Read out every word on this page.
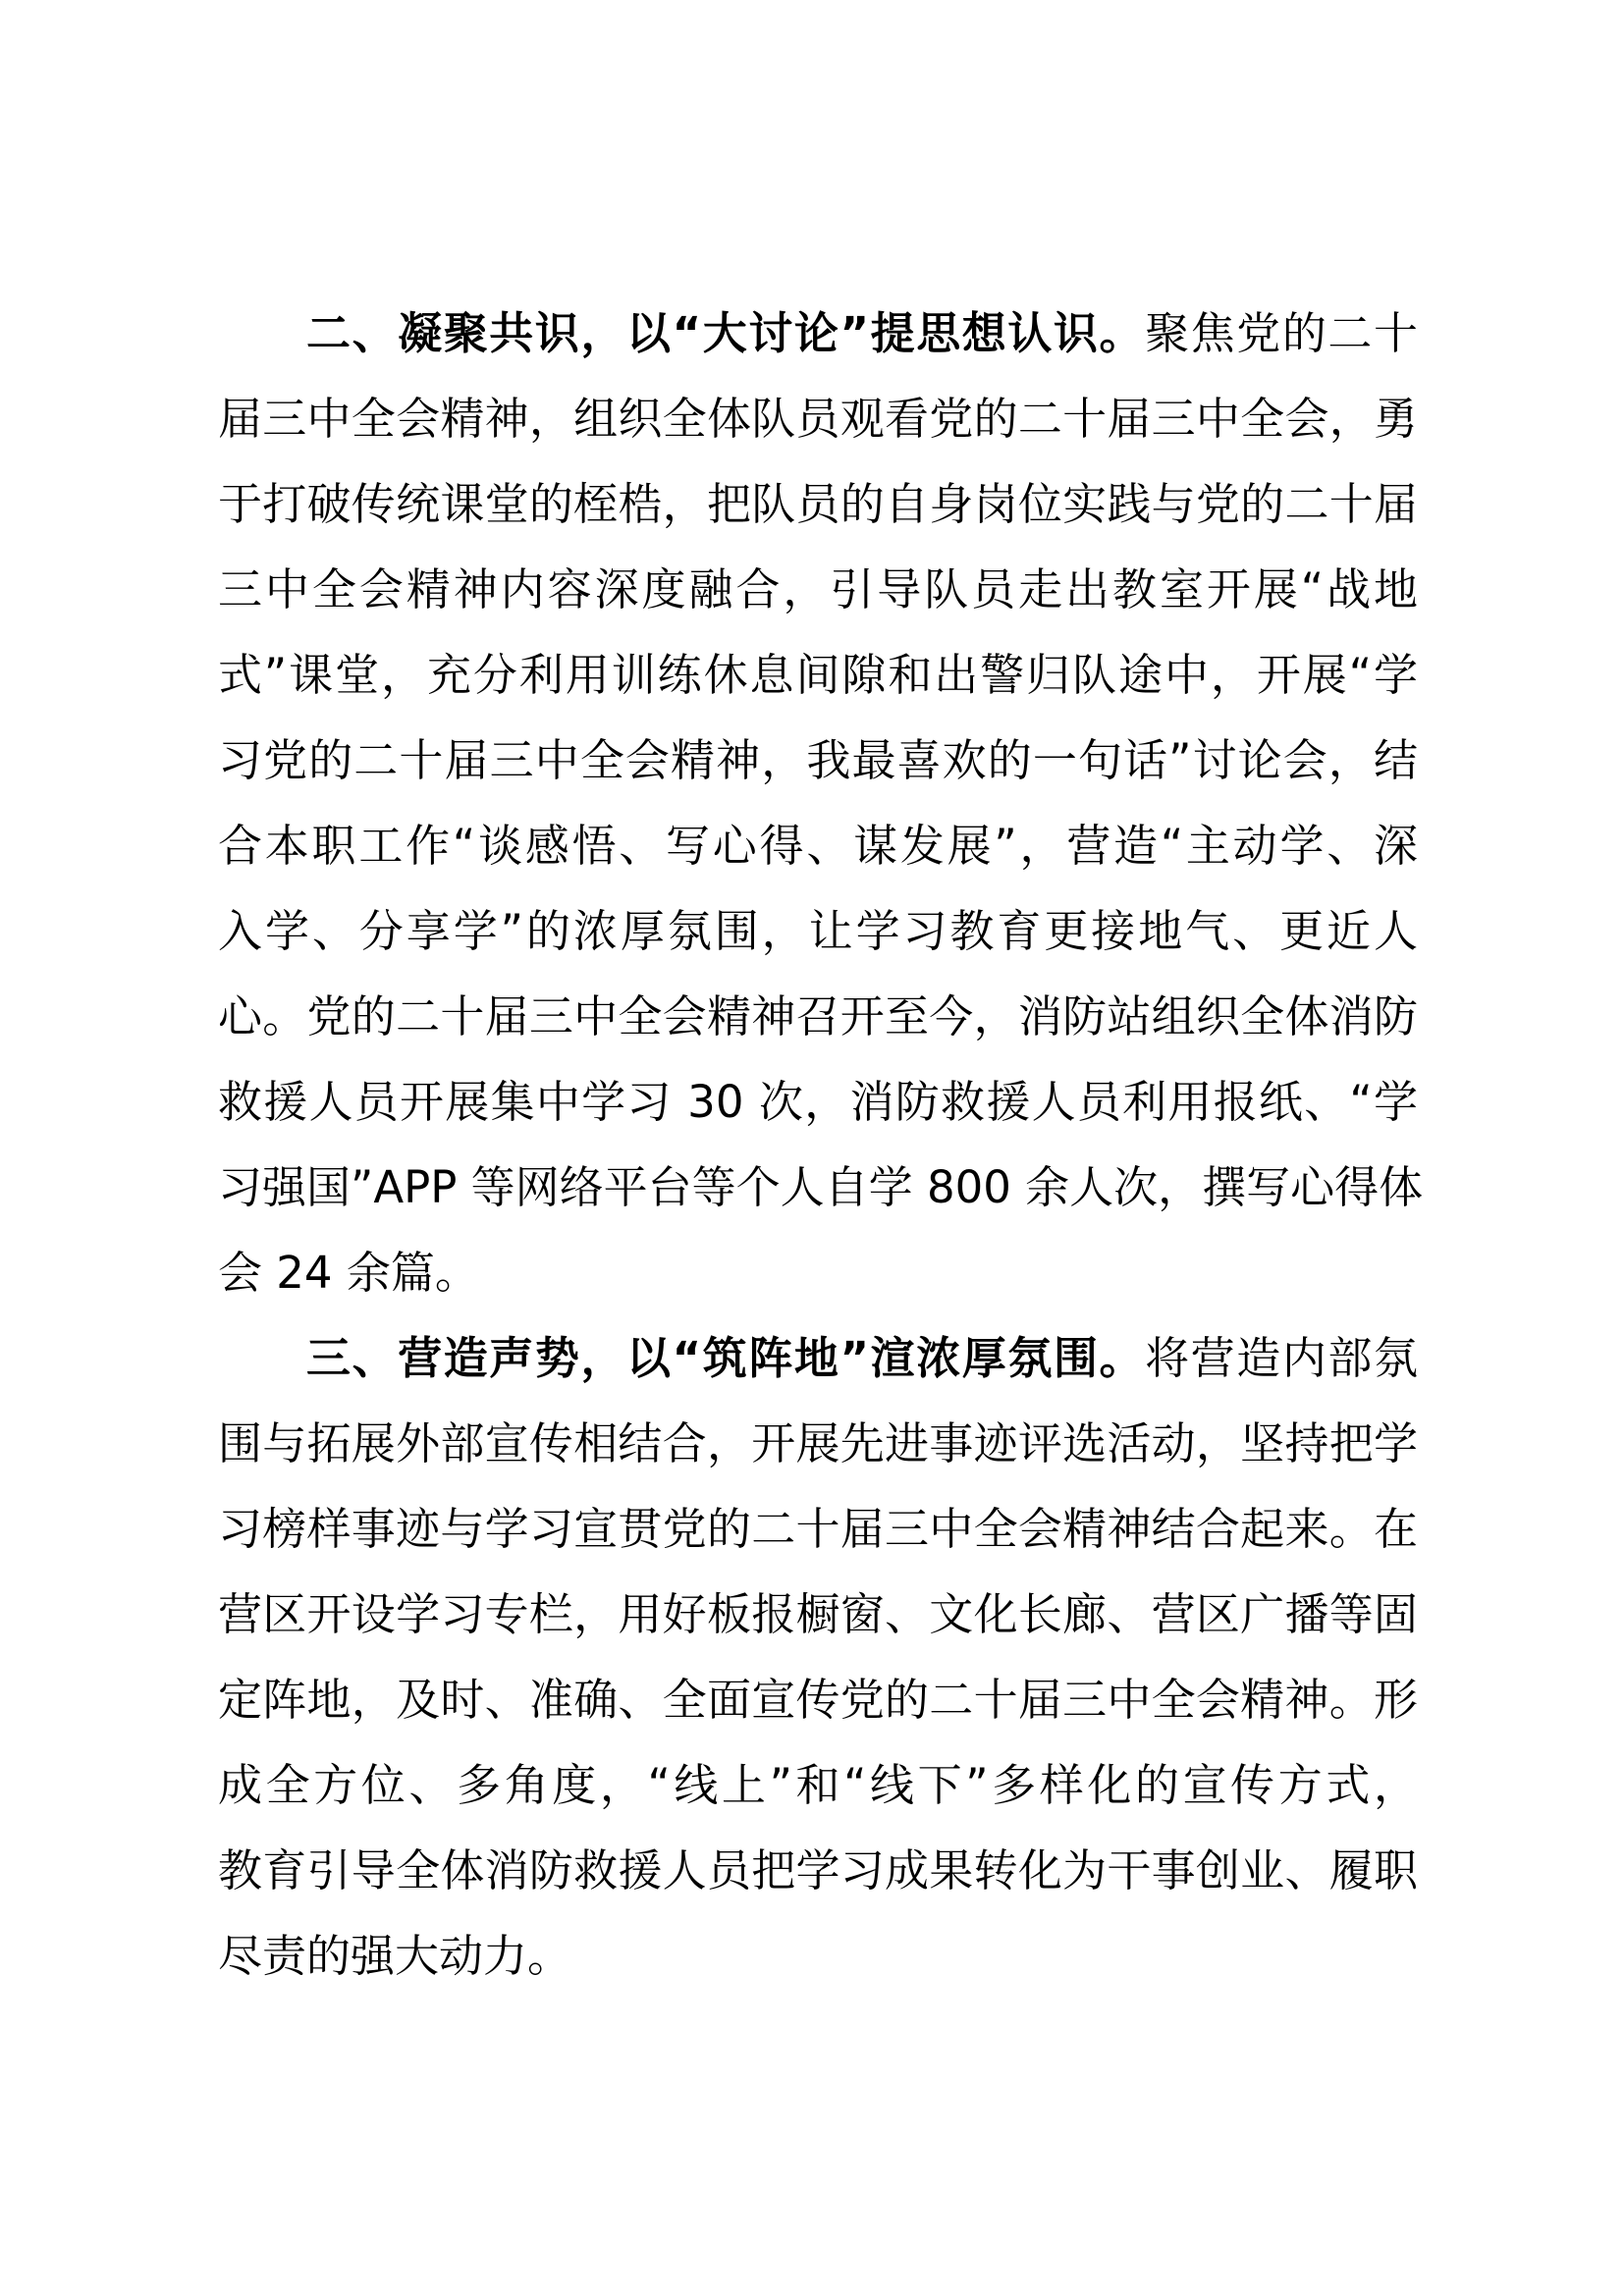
二、凝聚共识，以“大讨论”提思想认识。聚焦党的二十
届三中全会精神，组织全体队员观看党的二十届三中全会，勇
于打破传统课堂的桎梏，把队员的自身岗位实践与党的二十届
三中全会精神内容深度融合，引导队员走出教室开展“战地
式”课堂，充分利用训练休息间隙和出警归队途中，开展“学
习党的二十届三中全会精神，我最喜欢的一句话”讨论会，结
合本职工作“谈感悟、写心得、谋发展”，营造“主动学、深
入学、分享学”的浓厚氛围，让学习教育更接地气、更近人
心。党的二十届三中全会精神召开至今，消防站组织全体消防
救援人员开展集中学习 30 次，消防救援人员利用报纸、“学
习强国”APP 等网络平台等个人自学 800 余人次，撰写心得体
会 24 余篇。
三、营造声势，以“筑阵地”渲浓厚氛围。将营造内部氛
围与拓展外部宣传相结合，开展先进事迹评选活动，坚持把学
习榜样事迹与学习宣贯党的二十届三中全会精神结合起来。在
营区开设学习专栏，用好板报橱窗、文化长廊、营区广播等固
定阵地，及时、准确、全面宣传党的二十届三中全会精神。形
成全方位、多角度，“线上”和“线下”多样化的宣传方式，
教育引导全体消防救援人员把学习成果转化为干事创业、履职
尽责的强大动力。
